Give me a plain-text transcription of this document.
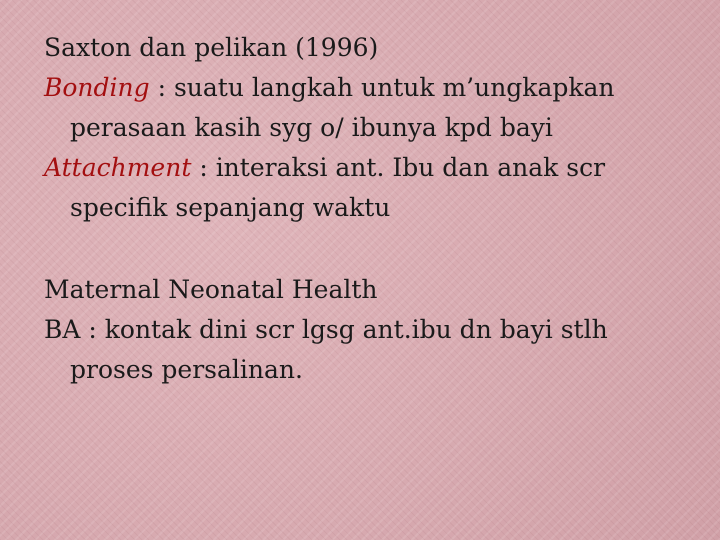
Saxton dan pelikan (1996)

Bonding : suatu langkah untuk m’ungkapkan perasaan kasih syg o/ ibunya kpd bayi

Attachment : interaksi ant. Ibu dan anak scr specifik sepanjang waktu

Maternal Neonatal Health

BA : kontak dini scr lgsg ant.ibu dn bayi stlh proses persalinan.
